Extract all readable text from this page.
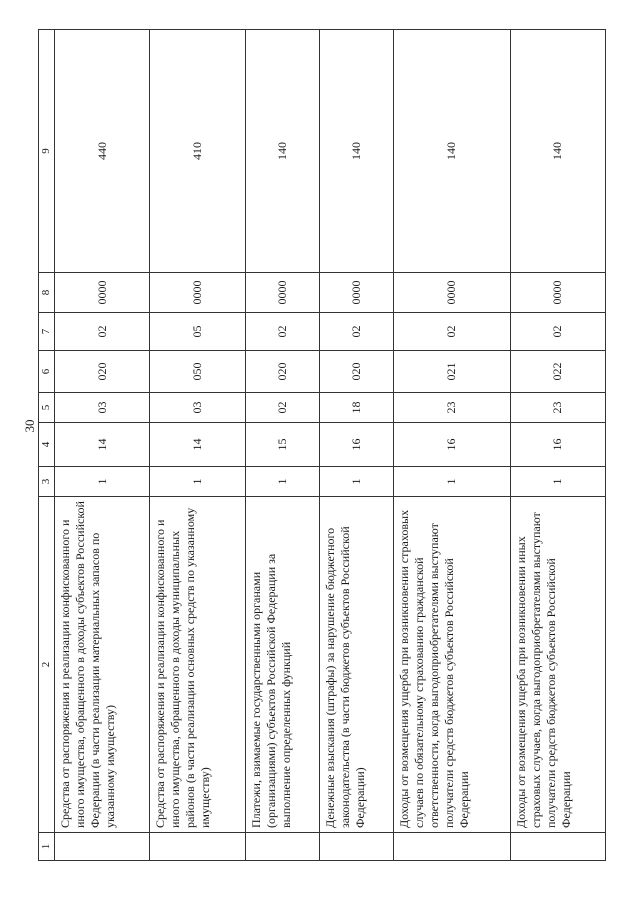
30
1	2	3	4	5	6	7	8	9
	Средства от распоряжения и реализации конфискованного и иного имущества, обращенного в доходы субъектов Российской Федерации (в части реализации материальных запасов по указанному имуществу)	1	14	03	020	02	0000	440
	Средства от распоряжения и реализации конфискованного и иного имущества, обращенного в доходы муниципальных районов (в части реализации основных средств по указанному имуществу)	1	14	03	050	05	0000	410
	Платежи, взимаемые государственными органами (организациями) субъектов Российской Федерации за выполнение определенных функций	1	15	02	020	02	0000	140
	Денежные взыскания (штрафы) за нарушение бюджетного законодательства (в части бюджетов субъектов Российской Федерации)	1	16	18	020	02	0000	140
	Доходы от возмещения ущерба при возникновении страховых случаев по обязательному страхованию гражданской ответственности, когда выгодоприобретателями выступают получатели средств бюджетов субъектов Российской Федерации	1	16	23	021	02	0000	140
	Доходы от возмещения ущерба при возникновении иных страховых случаев, когда выгодоприобретателями выступают получатели средств бюджетов субъектов Российской Федерации	1	16	23	022	02	0000	140
